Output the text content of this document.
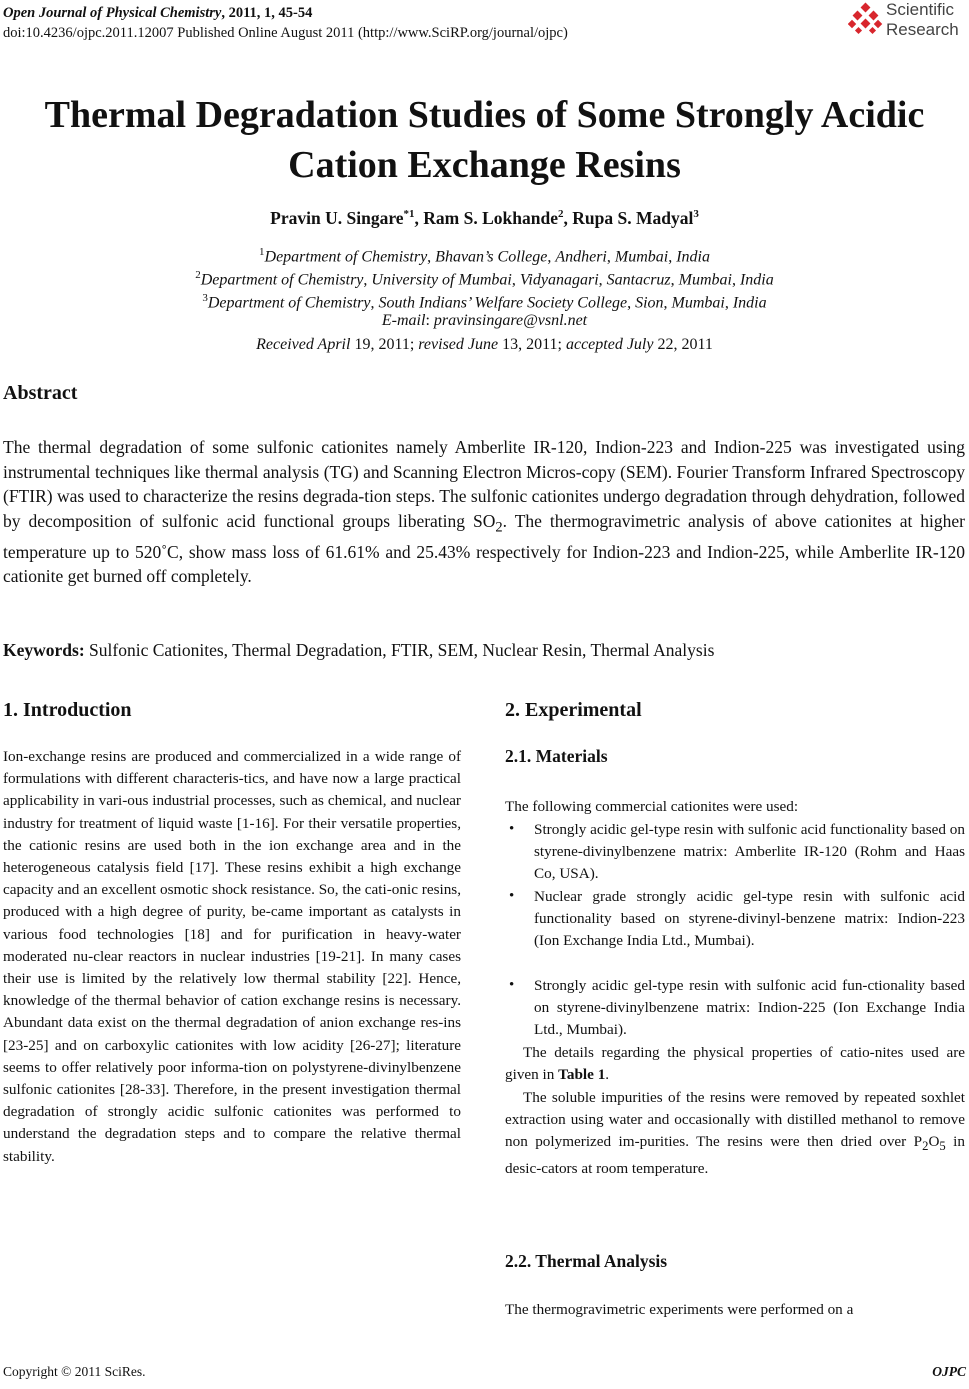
Open Journal of Physical Chemistry, 2011, 1, 45-54
doi:10.4236/ojpc.2011.12007 Published Online August 2011 (http://www.SciRP.org/journal/ojpc)
Scientific
Research
Thermal Degradation Studies of Some Strongly Acidic
Cation Exchange Resins
Pravin U. Singare$^{*1}$, Ram S. Lokhande$^2$, Rupa S. Madyal$^3$
$^1$Department of Chemistry, Bhavan’s College, Andheri, Mumbai, India
$^2$Department of Chemistry, University of Mumbai, Vidyanagari, Santacruz, Mumbai, India
$^3$Department of Chemistry, South Indians’ Welfare Society College, Sion, Mumbai, India
E-mail: pravinsingare@vsnl.net
Received April 19, 2011; revised June 13, 2011; accepted July 22, 2011
Abstract

The thermal degradation of some sulfonic cationites namely Amberlite IR-120, Indion-223 and Indion-225 was investigated using instrumental techniques like thermal analysis (TG) and Scanning Electron Micros-copy (SEM). Fourier Transform Infrared Spectroscopy (FTIR) was used to characterize the resins degrada-tion steps. The sulfonic cationites undergo degradation through dehydration, followed by decomposition of sulfonic acid functional groups liberating $SO_2$. The thermogravimetric analysis of above cationites at higher temperature up to 520˚C, show mass loss of 61.61% and 25.43% respectively for Indion-223 and Indion-225, while Amberlite IR-120 cationite get burned off completely.

Keywords: Sulfonic Cationites, Thermal Degradation, FTIR, SEM, Nuclear Resin, Thermal Analysis

1. Introduction

Ion-exchange resins are produced and commercialized in a wide range of formulations with different characteris-tics, and have now a large practical applicability in vari-ous industrial processes, such as chemical, and nuclear industry for treatment of liquid waste [1-16]. For their versatile properties, the cationic resins are used both in the ion exchange area and in the heterogeneous catalysis field [17]. These resins exhibit a high exchange capacity and an excellent osmotic shock resistance. So, the cati-onic resins, produced with a high degree of purity, be-came important as catalysts in various food technologies [18] and for purification in heavy-water moderated nu-clear reactors in nuclear industries [19-21]. In many cases their use is limited by the relatively low thermal stability [22]. Hence, knowledge of the thermal behavior of cation exchange resins is necessary. Abundant data exist on the thermal degradation of anion exchange res-ins [23-25] and on carboxylic cationites with low acidity [26-27]; literature seems to offer relatively poor informa-tion on polystyrene-divinylbenzene sulfonic cationites [28-33]. Therefore, in the present investigation thermal degradation of strongly acidic sulfonic cationites was performed to understand the degradation steps and to compare the relative thermal stability.

2. Experimental
2.1. Materials

The following commercial cationites were used:

• Strongly acidic gel-type resin with sulfonic acid functionality based on styrene-divinylbenzene matrix: Amberlite IR-120 (Rohm and Haas Co, USA).

• Nuclear grade strongly acidic gel-type resin with sulfonic acid functionality based on styrene-divinyl-benzene matrix: Indion-223 (Ion Exchange India Ltd., Mumbai).

• Strongly acidic gel-type resin with sulfonic acid fun-ctionality based on styrene-divinylbenzene matrix: Indion-225 (Ion Exchange India Ltd., Mumbai).

The details regarding the physical properties of catio-nites used are given in Table 1.

The soluble impurities of the resins were removed by repeated soxhlet extraction using water and occasionally with distilled methanol to remove non polymerized im-purities. The resins were then dried over $P_2O_5$ in desic-cators at room temperature.

2.2. Thermal Analysis

The thermogravimetric experiments were performed on a

Copyright © 2011 SciRes.	OJPC
